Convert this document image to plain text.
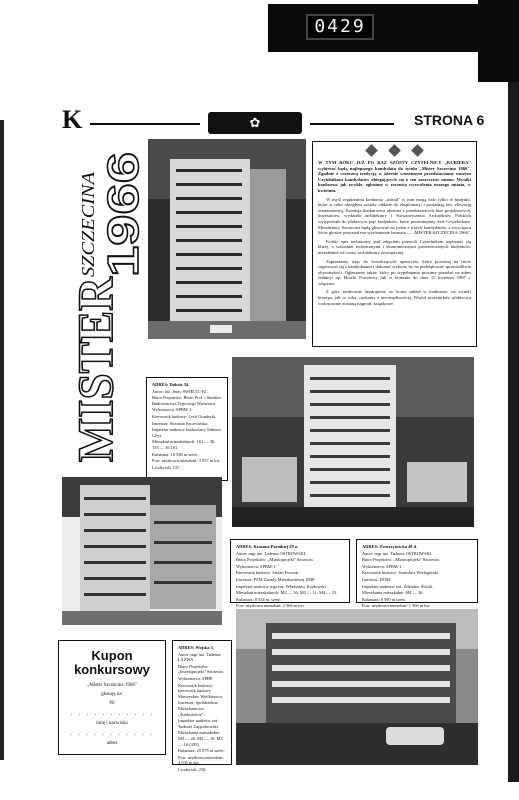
0429
K	✿	STRONA 6
MISTER
SZCZECINA 1966

W TYM ROKU JUŻ PO RAZ SZÓSTY CZYTELNICY „KURIERA" wybierać będą najlepszego kandydata do tytułu „Mister Szczecina 1966". Zgodnie z coroczną tradycją w okresie wiosennym przedstawiamy naszym Czytelnikom kandydatów obiegających się o ten zaszczytny miano. Wyniki konkursu, jak zwykle, ogłosimy w rocznicę wyzwolenia naszego miasta, w kwietniu.

W myśl regulaminu konkursu „udział" w nim mogą brać tylko te budynki, które w roku ubiegłym zostały oddane do eksploatacji i posiadają tzw. elewację ornamentową. Komisja konkursowa złożona z przedstawicieli biur projektowych, inwestorów, wydziału architektury i Stowarzyszenia Architektów Polskich wytypowała do plebiscytu pięć budynków, które prezentujemy dziś Czytelnikom. Mieszkańcy Szczecina będą głosować na jeden z trzech kandydatów, a zwycięzca liście głosów przyznał mu wyróżnienie laureata — „MISTER SZCZECINA 1966".

Krótki opis techniczny pod zdjęciem pozwoli Czytelnikom zapoznać się bliżej, a walorami technicznymi i ekonomicznymi prezentowanych budynków, niezależnie od oceny architektury zewnętrznej.

Zapraszamy więc do świadczących sprawców, które powinną na liście sugerować się z kandydatami i dokonać wyboru, by na podziękować sprawiedliwie obywatelowi. Ogłaszamy także, który po wypełnieniu prosimy przesłać na adres redakcji np. Hotelu Przodowy lub w terminie do dnia 15 kwietnia 1967 r. włącznie.

Z góry serdecznie dziękujemy za liczny udział w konkursie, na wyniki którego, jak co roku, czekamy z niecierpliwością. Wśród uczestników plebiscytu rozlosowane zostaną nagrody książkowe.

ADRES: Dubois 34.
Autor: inż. Jerzy ŚWIECIC-KI.
Biuro Projektów: Biuro Prof. i Studiów Budownictwa Typowego Warszawa.
Wykonawca: SPBM-1.
Kierownik budowy: Lech Gondecki.
Inwestor: Stocznia Szczecińska.
Inspektor nadzoru: budowlany Tadeusz Chyż.
Mieszkań mieszkalnych: 161 — 36, 153 — 36 161.
Kubatura: 10 590 m sześc.
Pow. użytkowa mieszkań: 3 937 m kw.
Liczba izb: 137.
ADRES: Krasnoa Parnikiej 29 a.
Autor: mgr inż. Tadeusz OSTROWSKI.
Biuro Projektów: „Miastoprojekt" Szczecin.
Wykonawca: SPBM-1.
Kierownik budowy: Stefan Powiak.
Inwestor: PZM Zasady Mieszkaniowej ZMP.
Inspektor nadzoru: mgr inż. Władysław Kozłowski.
Mieszkań mieszkalnych: M2 — 36, M3 — 11, M4 — 33.
Kubatura: 8 534 m. sześć.
Pow. użytkowa mieszkań: 2 966 m kw.
ADRES: Zwierzyniecka 48 d.
Autor: mgr inż. Tadeusz OSTROWSKI.
Biuro Projektów: „Miastoprojekt" Szczecin.
Wykonawca: SPBM-1.
Kierownik budowy: Stanisław Wielogórski.
Inwestor: DOM.
Inspektor nadzoru: inż. Zdzisław Śliwik.
Mieszkania mieszkalne: M4 — 36.
Kubatura: 8 590 m sześc.
Pow. użytkowa mieszkań: 1 966 m kw.
Kupon
konkursowy
„Mister Szczecina 1966"
głosuję na:
Nr
. . . . . . . . . . .
imię i nazwisko
. . . . . . . . . . .
adres
ADRES: Wojska 3.
Autor: mgr inż. Tadeusz ŁYŻWA.
Biuro Projektów: „Inwestprojekt" Szczecin.
Wykonawca: SPBP.
Kierownik budowy: kierownik budowy Mieczysław Wielkiewicz.
Inwestor: Spółdzielnia Mieszkaniowa „Śródmieście".
Inspektor nadzoru: inż. Tadeusz Zajączkowski.
Mieszkania mieszkalne: M3 — 26, M2 — 19, M3 — 1S (393).
Kubatura: 25 075 m sześc.
Pow. użytkowa mieszkań: 3 935 m kw.
Liczba izb: 230.
